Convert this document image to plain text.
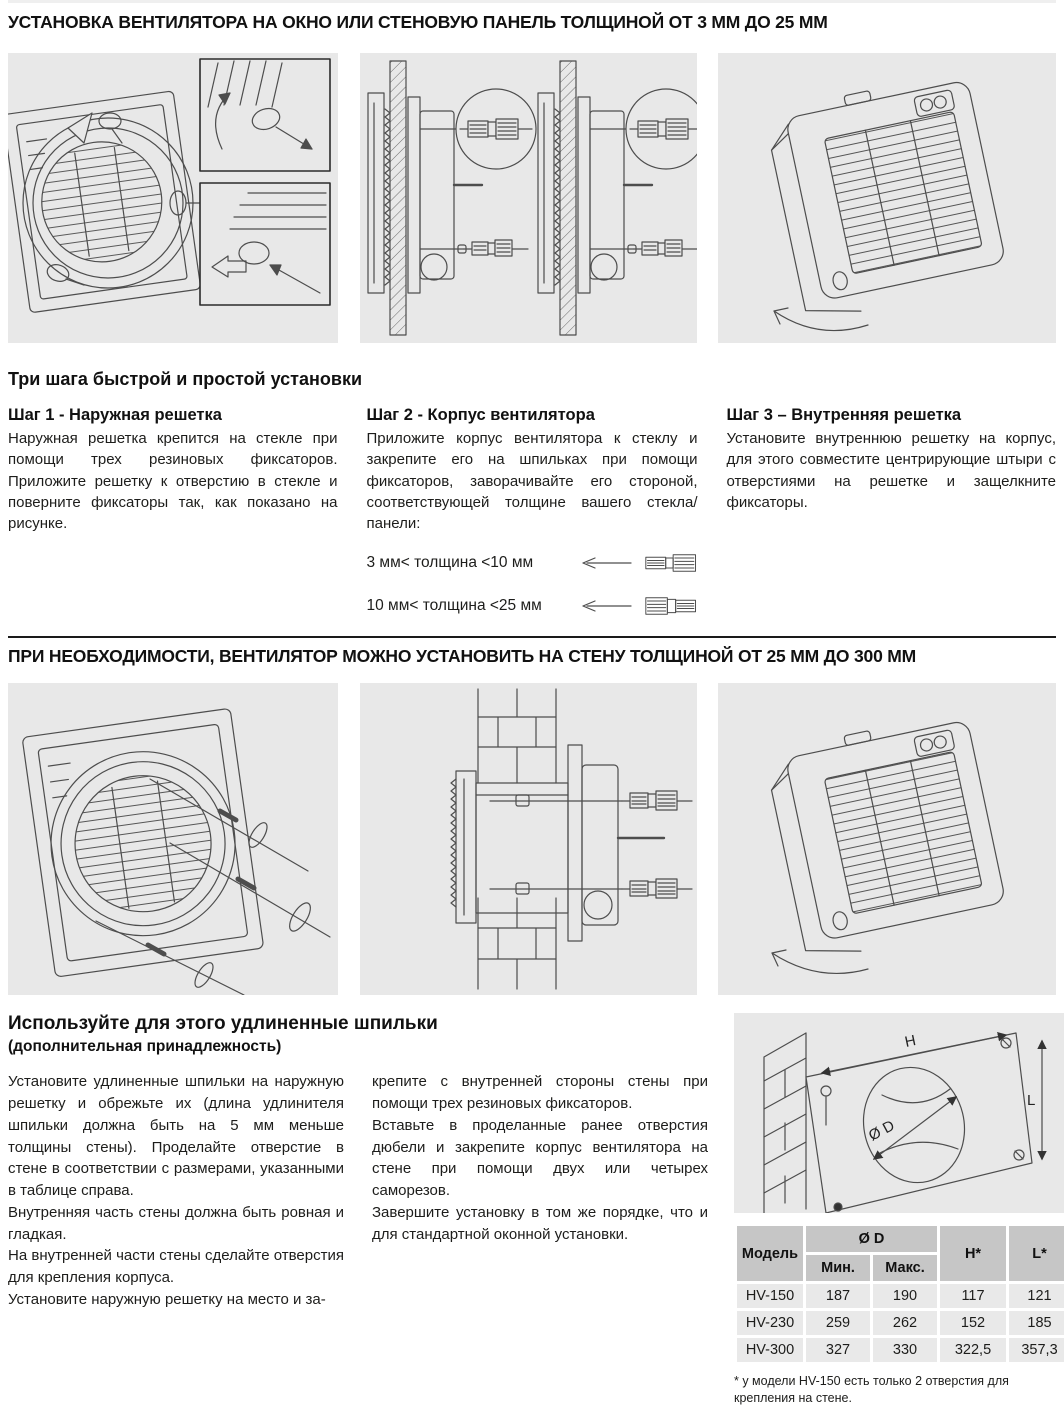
УСТАНОВКА ВЕНТИЛЯТОРА НА ОКНО ИЛИ СТЕНОВУЮ ПАНЕЛЬ ТОЛЩИНОЙ ОТ 3 ММ ДО 25 ММ
Три шага быстрой и простой установки
Шаг 1 - Наружная решетка

Наружная решетка крепится на стекле при помощи трех резиновых фиксаторов. Приложите решетку к отверстию в стекле и поверните фиксаторы так, как показано на рисунке.

Шаг 2 - Корпус вентилятора

Приложите корпус вентилятора к стеклу и закрепите его на шпильках при помощи фиксаторов, заворачивайте его стороной, соответствующей толщине вашего стекла/панели:

3 мм< толщина <10 мм
10 мм< толщина <25 мм
Шаг 3 – Внутренняя решетка

Установите внутреннюю решетку на корпус, для этого совместите центрирующие штыри с отверстиями на решетке и защелкните фиксаторы.

ПРИ НЕОБХОДИМОСТИ, ВЕНТИЛЯТОР МОЖНО УСТАНОВИТЬ НА СТЕНУ ТОЛЩИНОЙ ОТ 25 ММ ДО 300 ММ
Используйте для этого удлиненные шпильки
(дополнительная принадлежность)

Установите удлиненные шпильки на наружную решетку и обрежьте их (длина удлинителя шпильки должна быть на 5 мм меньше толщины стены). Проделайте отверстие в стене в соответствии с размерами, указанными в таблице справа.

Внутренняя часть стены должна быть ровная и гладкая.

На внутренней части стены сделайте отверстия для крепления корпуса.

Установите наружную решетку на место и за-

крепите с внутренней стороны стены при помощи трех резиновых фиксаторов.

Вставьте в проделанные ранее отверстия дюбели и закрепите корпус вентилятора на стене при помощи двух или четырех саморезов.

Завершите установку в том же порядке, что и для стандартной оконной установки.

H
L
Ø D
Модель	Ø D		H*	L*
	Мин.	Макс.		
HV-150	187	190	117	121
HV-230	259	262	152	185
HV-300	327	330	322,5	357,3

* у модели HV-150 есть только 2 отверстия для крепления на стене.
